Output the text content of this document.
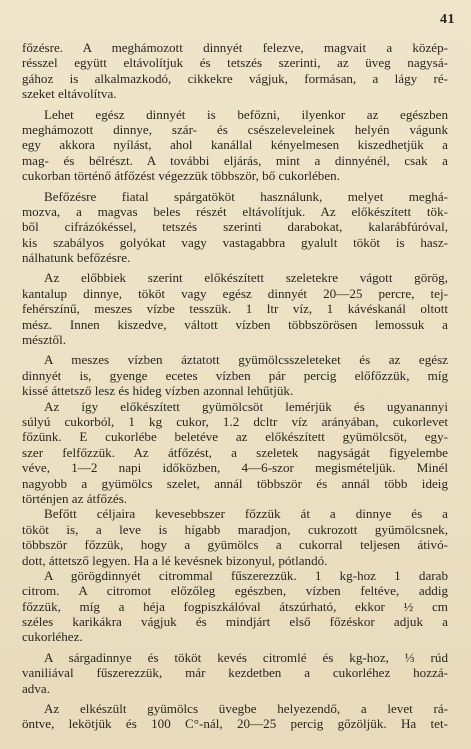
41
főzésre. A meghámozott dinnyét felezve, magvait a közép-
résszel együtt eltávolítjuk és tetszés szerinti, az üveg nagysá-
gához is alkalmazkodó, cikkekre vágjuk, formásan, a lágy ré-
szeket eltávolítva.
Lehet egész dinnyét is befőzni, ilyenkor az egészben
meghámozott dinnye, szár- és csészeleveleinek helyén vágunk
egy akkora nyílást, ahol kanállal kényelmesen kiszedhetjük a
mag- és bélrészt. A további eljárás, mint a dinnyénél, csak a
cukorban történő átfőzést végezzük többször, bő cukorlében.
Befőzésre fiatal spárgatököt használunk, melyet meghá-
mozva, a magvas beles részét eltávolítjuk. Az előkészített tök-
ből cifrázókéssel, tetszés szerinti darabokat, kalarábfúróval,
kis szabályos golyókat vagy vastagabbra gyalult tököt is hasz-
nálhatunk befőzésre.
Az előbbiek szerint előkészített szeletekre vágott görög,
kantalup dinnye, tököt vagy egész dinnyét 20—25 percre, tej-
fehérszínű, meszes vízbe tesszük. 1 ltr víz, 1 kávéskanál oltott
mész. Innen kiszedve, váltott vízben többszörösen lemossuk a
mésztől.
A meszes vízben áztatott gyümölcsszeleteket és az egész
dinnyét is, gyenge ecetes vízben pár percig előfőzzük, míg
kissé áttetsző lesz és hideg vízben azonnal lehűtjük.
Az így előkészített gyümölcsöt lemérjük és ugyanannyi
súlyú cukorból, 1 kg cukor, 1.2 dcltr víz arányában, cukorlevet
főzünk. E cukorlébe beletéve az előkészített gyümölcsöt, egy-
szer felfőzzük. Az átfőzést, a szeletek nagyságát figyelembe
véve, 1—2 napi időközben, 4—6-szor megismételjük. Minél
nagyobb a gyümölcs szelet, annál többször és annál több ideig
történjen az átfőzés.
Befőtt céljaira kevesebbszer főzzük át a dinnye és a
tököt is, a leve is hígabb maradjon, cukrozott gyümölcsnek,
többször főzzük, hogy a gyümölcs a cukorral teljesen átivó-
dott, áttetsző legyen. Ha a lé kevésnek bizonyul, pótlandó.
A görögdinnyét citrommal fűszerezzük. 1 kg-hoz 1 darab
citrom. A citromot előzőleg egészben, vízben feltéve, addig
főzzük, míg a héja fogpiszkálóval átszúrható, ekkor ½ cm
széles karikákra vágjuk és mindjárt első főzéskor adjuk a
cukorléhez.
A sárgadinnye és tököt kevés citromlé és kg-hoz, ⅓ rúd
vaniliával fűszerezzük, már kezdetben a cukorléhez hozzá-
adva.
Az elkészült gyümölcs üvegbe helyezendő, a levet rá-
öntve, lekötjük és 100 C°-nál, 20—25 percig gőzöljük. Ha tet-
